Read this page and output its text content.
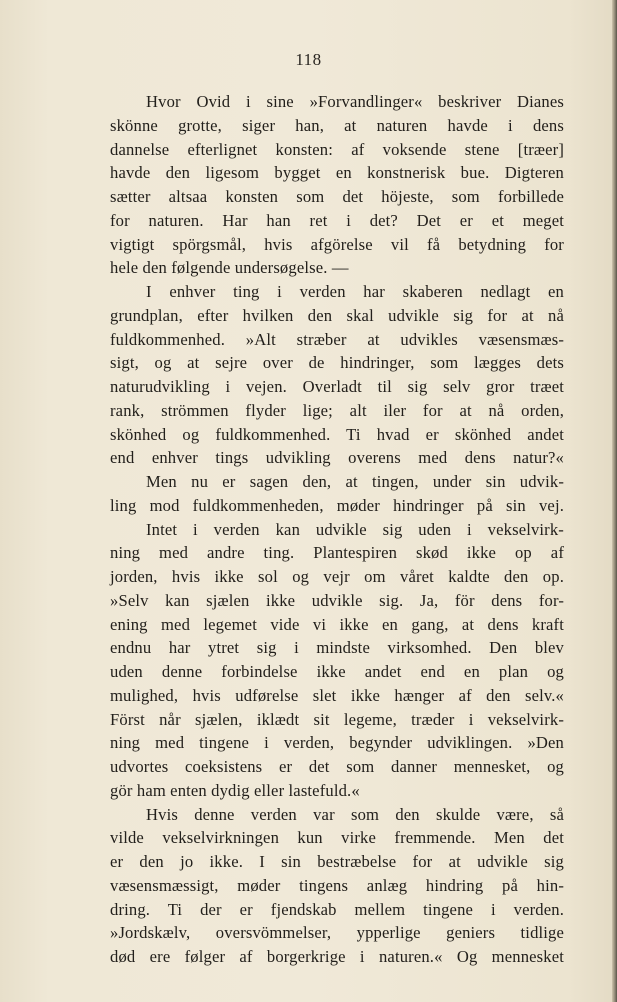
118
Hvor Ovid i sine »Forvandlinger« beskriver Dianes
skönne grotte, siger han, at naturen havde i dens
dannelse efterlignet konsten: af voksende stene [træer]
havde den ligesom bygget en konstnerisk bue. Digteren
sætter altsaa konsten som det höjeste, som forbillede
for naturen. Har han ret i det? Det er et meget
vigtigt spörgsmål, hvis afgörelse vil få betydning for
hele den følgende undersøgelse. —
I enhver ting i verden har skaberen nedlagt en
grundplan, efter hvilken den skal udvikle sig for at nå
fuldkommenhed. »Alt stræber at udvikles væsensmæs-
sigt, og at sejre over de hindringer, som lægges dets
naturudvikling i vejen. Overladt til sig selv gror træet
rank, strömmen flyder lige; alt iler for at nå orden,
skönhed og fuldkommenhed. Ti hvad er skönhed andet
end enhver tings udvikling overens med dens natur?«
Men nu er sagen den, at tingen, under sin udvik-
ling mod fuldkommenheden, møder hindringer på sin vej.
Intet i verden kan udvikle sig uden i vekselvirk-
ning med andre ting. Plantespiren skød ikke op af
jorden, hvis ikke sol og vejr om våret kaldte den op.
»Selv kan sjælen ikke udvikle sig. Ja, för dens for-
ening med legemet vide vi ikke en gang, at dens kraft
endnu har ytret sig i mindste virksomhed. Den blev
uden denne forbindelse ikke andet end en plan og
mulighed, hvis udførelse slet ikke hænger af den selv.«
Först når sjælen, iklædt sit legeme, træder i vekselvirk-
ning med tingene i verden, begynder udviklingen. »Den
udvortes coeksistens er det som danner mennesket, og
gör ham enten dydig eller lastefuld.«
Hvis denne verden var som den skulde være, så
vilde vekselvirkningen kun virke fremmende. Men det
er den jo ikke. I sin bestræbelse for at udvikle sig
væsensmæssigt, møder tingens anlæg hindring på hin-
dring. Ti der er fjendskab mellem tingene i verden.
»Jordskælv, oversvömmelser, ypperlige geniers tidlige
død ere følger af borgerkrige i naturen.« Og mennesket
